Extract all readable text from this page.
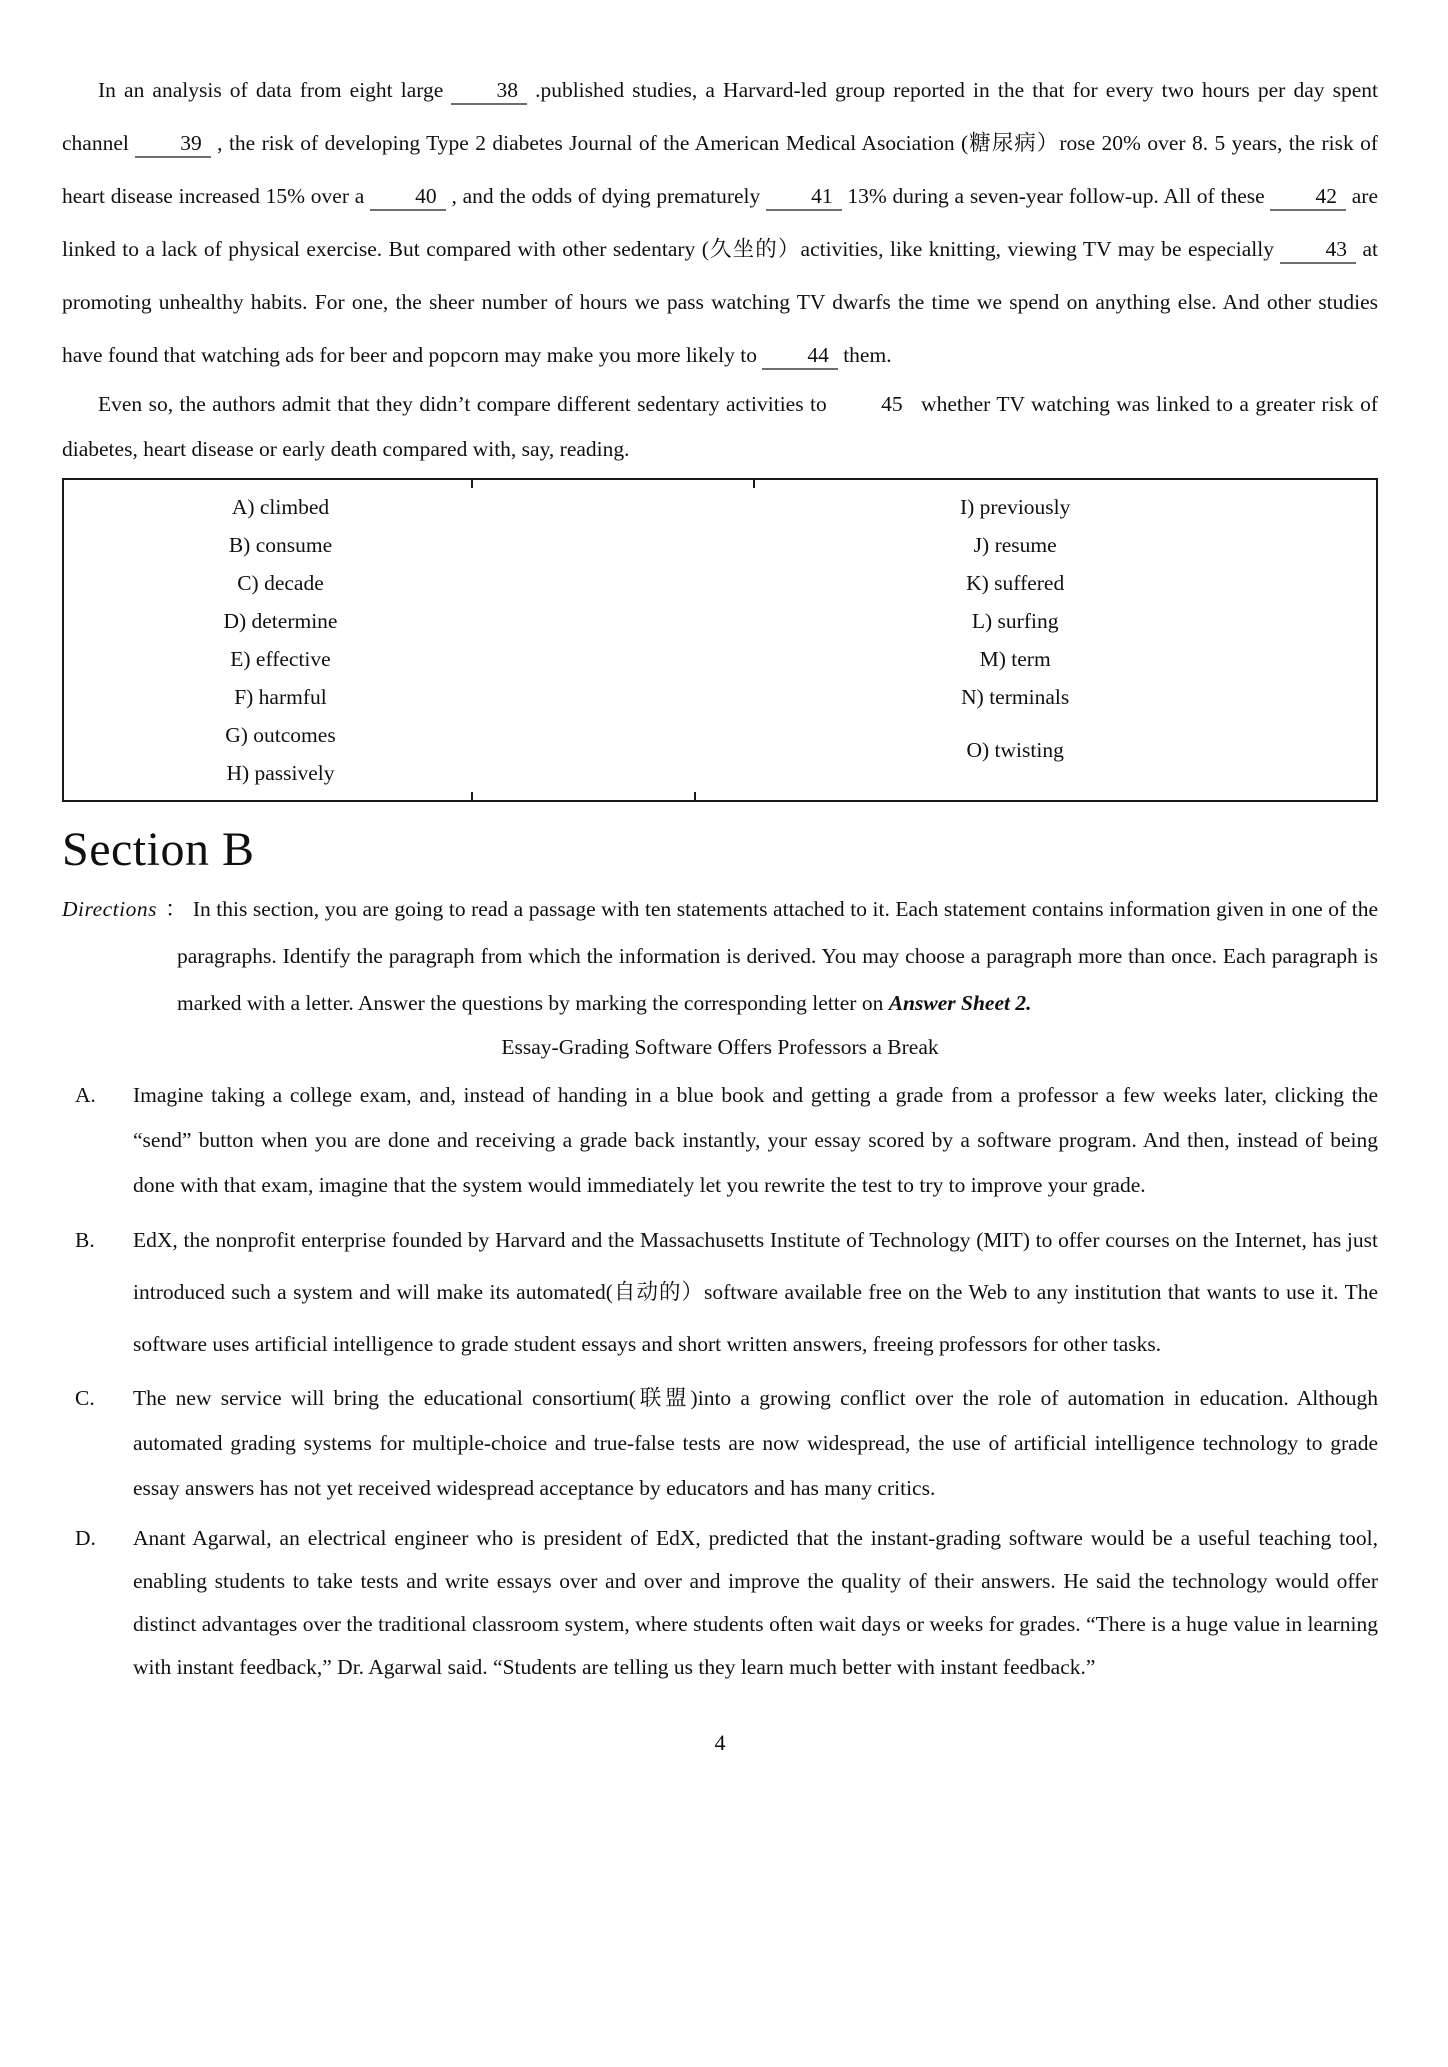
In an analysis of data from eight large 38 .published studies, a Harvard-led group reported in the that for every two hours per day spent channel 39 , the risk of developing Type 2 diabetes Journal of the American Medical Asociation (糖尿病）rose 20% over 8. 5 years, the risk of heart disease increased 15% over a 40 , and the odds of dying prematurely 41 13% during a seven-year follow-up. All of these 42 are linked to a lack of physical exercise. But compared with other sedentary (久坐的）activities, like knitting, viewing TV may be especially 43 at promoting unhealthy habits. For one, the sheer number of hours we pass watching TV dwarfs the time we spend on anything else. And other studies have found that watching ads for beer and popcorn may make you more likely to 44 them.

Even so, the authors admit that they didn’t compare different sedentary activities to 45 whether TV watching was linked to a greater risk of diabetes, heart disease or early death compared with, say, reading.

A) climbed
B) consume
C) decade
D) determine
E) effective
F) harmful
G) outcomes
H) passively
I) previously
J) resume
K) suffered
L) surfing
M) term
N) terminals
O) twisting
Section B
Directions ： In this section, you are going to read a passage with ten statements attached to it. Each statement contains information given in one of the paragraphs. Identify the paragraph from which the information is derived. You may choose a paragraph more than once. Each paragraph is marked with a letter. Answer the questions by marking the corresponding letter on Answer Sheet 2.
Essay-Grading Software Offers Professors a Break
A. Imagine taking a college exam, and, instead of handing in a blue book and getting a grade from a professor a few weeks later, clicking the “send” button when you are done and receiving a grade back instantly, your essay scored by a software program. And then, instead of being done with that exam, imagine that the system would immediately let you rewrite the test to try to improve your grade.
B. EdX, the nonprofit enterprise founded by Harvard and the Massachusetts Institute of Technology (MIT) to offer courses on the Internet, has just introduced such a system and will make its automated(自动的）software available free on the Web to any institution that wants to use it. The software uses artificial intelligence to grade student essays and short written answers, freeing professors for other tasks.
C. The new service will bring the educational consortium(联盟)into a growing conflict over the role of automation in education. Although automated grading systems for multiple-choice and true-false tests are now widespread, the use of artificial intelligence technology to grade essay answers has not yet received widespread acceptance by educators and has many critics.
D. Anant Agarwal, an electrical engineer who is president of EdX, predicted that the instant-grading software would be a useful teaching tool, enabling students to take tests and write essays over and over and improve the quality of their answers. He said the technology would offer distinct advantages over the traditional classroom system, where students often wait days or weeks for grades. “There is a huge value in learning with instant feedback,” Dr. Agarwal said. “Students are telling us they learn much better with instant feedback.”
4
